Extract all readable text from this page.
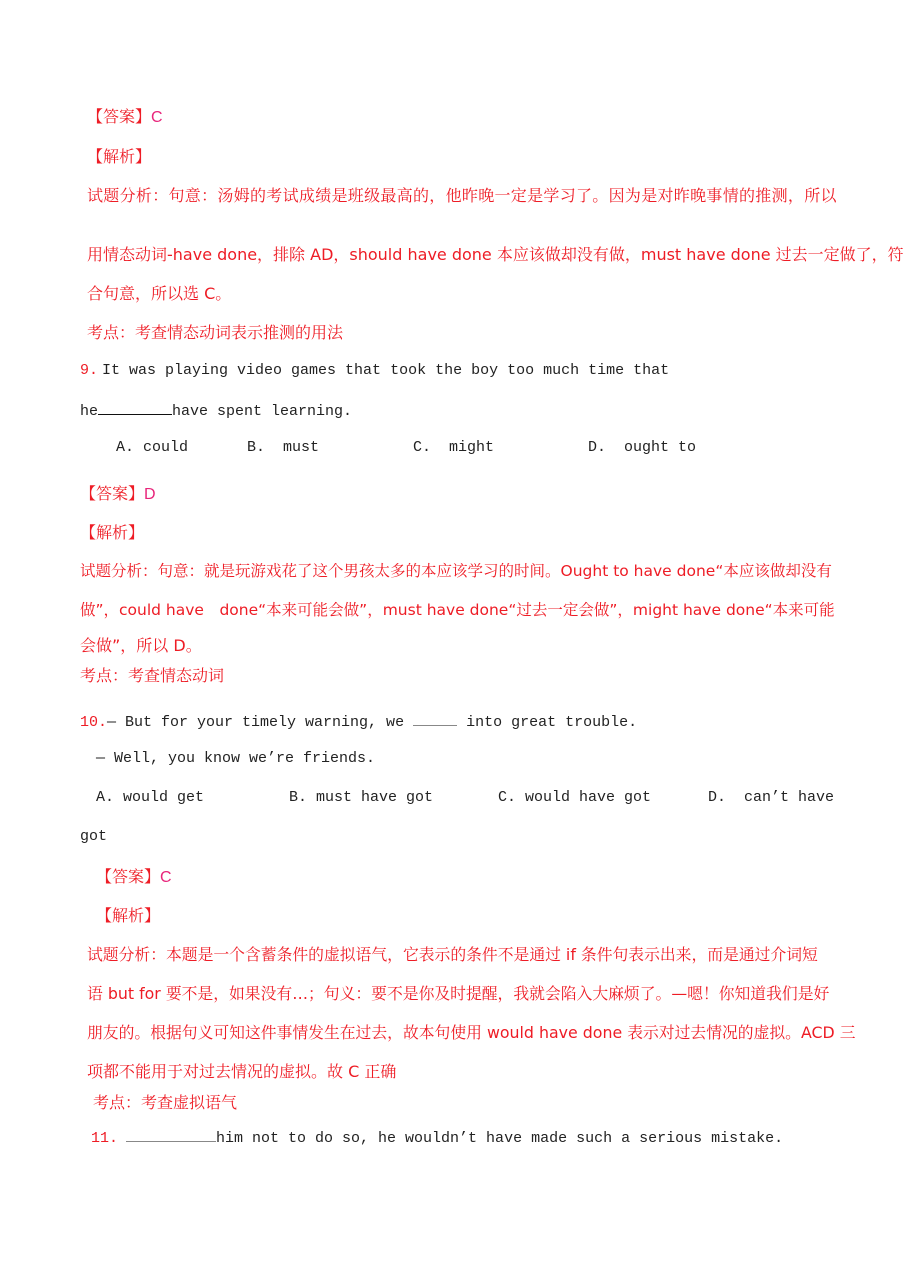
【答案】C
【解析】
试题分析：句意：汤姆的考试成绩是班级最高的，他昨晚一定是学习了。因为是对昨晚事情的推测，所以
用情态动词-have done，排除 AD，should have done 本应该做却没有做，must have done 过去一定做了，符
合句意，所以选 C。
考点：考查情态动词表示推测的用法
9. It was playing video games that took the boy too much time that
he	have spent learning.
A. could	B. must	C. might	D. ought to
【答案】D
【解析】
试题分析：句意：就是玩游戏花了这个男孩太多的本应该学习的时间。Ought to have done“本应该做却没有
做”，could have　done“本来可能会做”，must have done“过去一定会做”，might have done“本来可能
会做”，所以 D。
考点：考查情态动词
10.— But for your timely warning, we	into great trouble.
— Well, you know we’re friends.
A. would get	B. must have got	C. would have got	D. can’t have
got
【答案】C
【解析】
试题分析：本题是一个含蓄条件的虚拟语气，它表示的条件不是通过 if 条件句表示出来，而是通过介词短
语 but for 要不是，如果没有…；句义：要不是你及时提醒，我就会陷入大麻烦了。—嗯！你知道我们是好
朋友的。根据句义可知这件事情发生在过去，故本句使用 would have done 表示对过去情况的虚拟。ACD 三
项都不能用于对过去情况的虚拟。故 C 正确
考点：考查虚拟语气
11.	him not to do so, he wouldn’t have made such a serious mistake.
